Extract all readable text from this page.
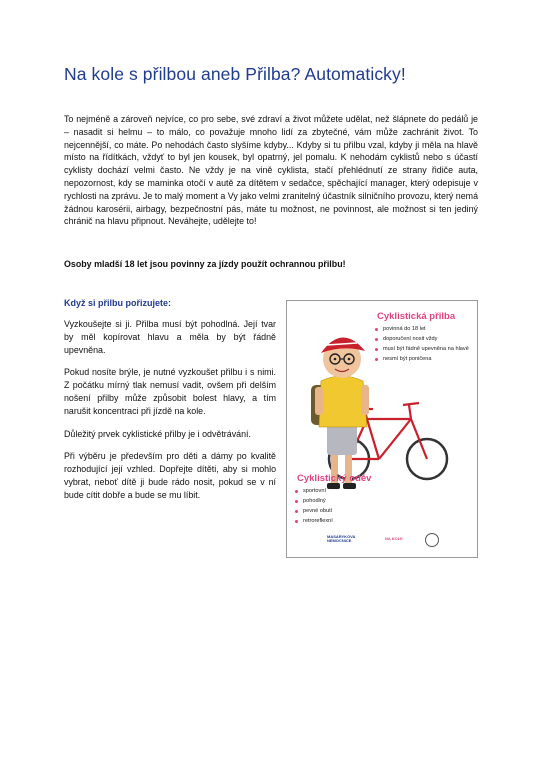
Na kole s přilbou aneb Přilba? Automaticky!

To nejméně a zároveň nejvíce, co pro sebe, své zdraví a život můžete udělat, než šlápnete do pedálů je – nasadit si helmu – to málo, co považuje mnoho lidí za zbytečné, vám může zachránit život. To nejcennější, co máte. Po nehodách často slyšíme kdyby... Kdyby si tu přilbu vzal, kdyby ji měla na hlavě místo na řídítkách, vždyť to byl jen kousek, byl opatrný, jel pomalu. K nehodám cyklistů nebo s účastí cyklisty dochází velmi často. Ne vždy je na vině cyklista, stačí přehlédnutí ze strany řidiče auta, nepozornost, kdy se maminka otočí v autě za dítětem v sedačce, spěchající manager, který odepisuje v rychlosti na zprávu. Je to malý moment a Vy jako velmi zranitelný účastník silničního provozu, který nemá žádnou karosérii, airbagy, bezpečnostní pás, máte tu možnost, ne povinnost, ale možnost si ten jediný chránič na hlavu připnout. Neváhejte, udělejte to!

Osoby mladší 18 let jsou povinny za jízdy použít ochrannou přilbu!

Když si přilbu pořizujete:

Vyzkoušejte si ji. Přilba musí být pohodlná. Její tvar by měl kopírovat hlavu a měla by být řádně upevněna.

Pokud nosíte brýle, je nutné vyzkoušet přilbu i s nimi. Z počátku mírný tlak nemusí vadit, ovšem při delším nošení přilby může způsobit bolest hlavy, a tím narušit koncentraci při jízdě na kole.

Důležitý prvek cyklistické přilby je i odvětrávání.

Při výběru je především pro děti a dámy po kvalitě rozhodující její vzhled. Dopřejte dítěti, aby si mohlo vybrat, neboť dítě ji bude rádo nosit, pokud se v ní bude cítit dobře a bude se mu líbit.

Cyklistická přilba
povinná do 18 let
doporučení nosit vždy
musí být řádně upevněna na hlavě
nesmí být poničena
Cyklistický oděv
sportovní
pohodlný
pevné obutí
retroreflexní
MASARYKOVA NEMOCNICE	NA KOLE
